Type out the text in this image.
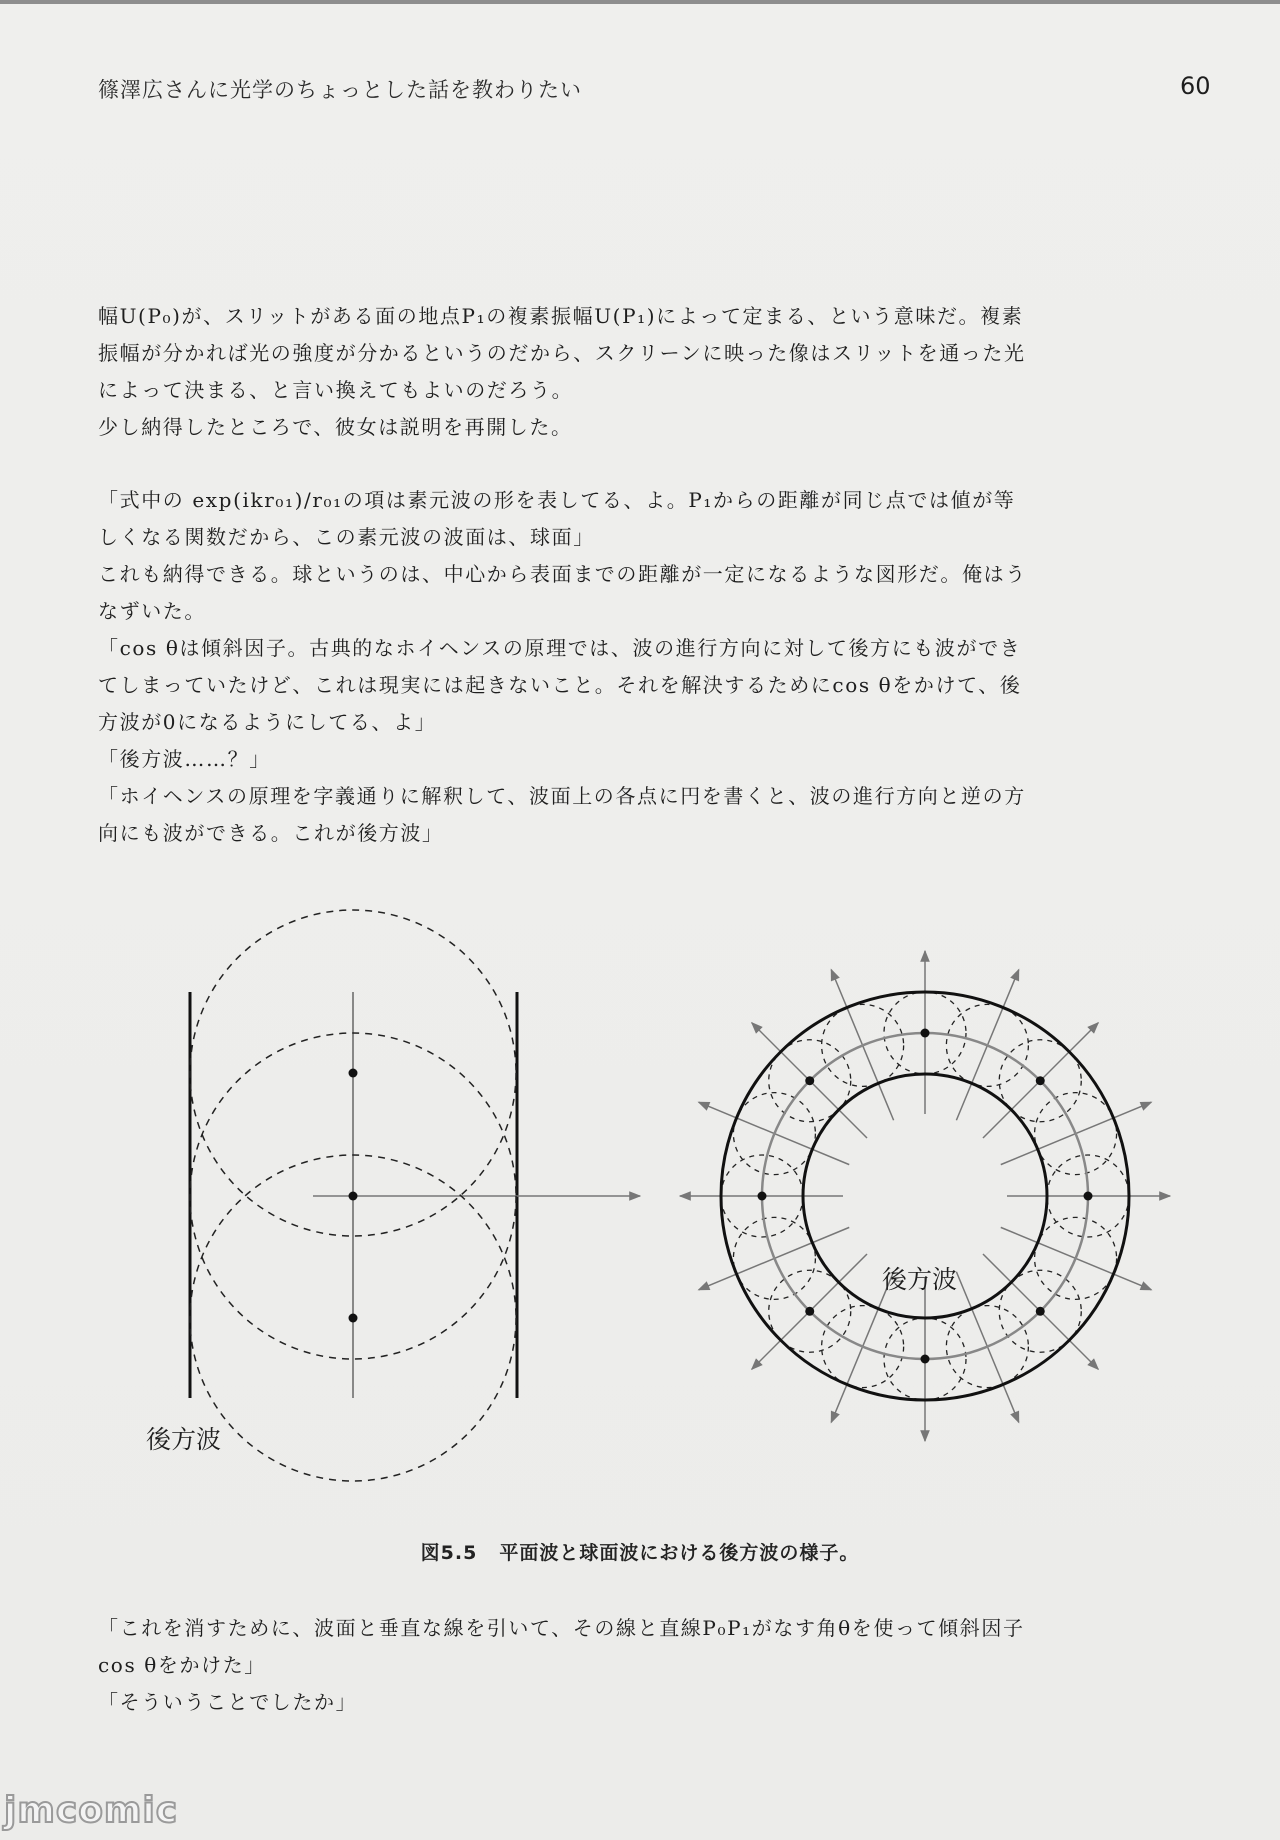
篠澤広さんに光学のちょっとした話を教わりたい	60

幅U(P₀)が、スリットがある面の地点P₁の複素振幅U(P₁)によって定まる、という意味だ。複素振幅が分かれば光の強度が分かるというのだから、スクリーンに映った像はスリットを通った光によって決まる、と言い換えてもよいのだろう。

少し納得したところで、彼女は説明を再開した。

「式中の exp(ikr₀₁)/r₀₁の項は素元波の形を表してる、よ。P₁からの距離が同じ点では値が等しくなる関数だから、この素元波の波面は、球面」

これも納得できる。球というのは、中心から表面までの距離が一定になるような図形だ。俺はうなずいた。

「cos θは傾斜因子。古典的なホイヘンスの原理では、波の進行方向に対して後方にも波ができてしまっていたけど、これは現実には起きないこと。それを解決するためにcos θをかけて、後方波が0になるようにしてる、よ」

「後方波……？」

「ホイヘンスの原理を字義通りに解釈して、波面上の各点に円を書くと、波の進行方向と逆の方向にも波ができる。これが後方波」

後方波
後方波
図5.5 平面波と球面波における後方波の様子。

「これを消すために、波面と垂直な線を引いて、その線と直線P₀P₁がなす角θを使って傾斜因子cos θをかけた」

「そういうことでしたか」

jmcomic
